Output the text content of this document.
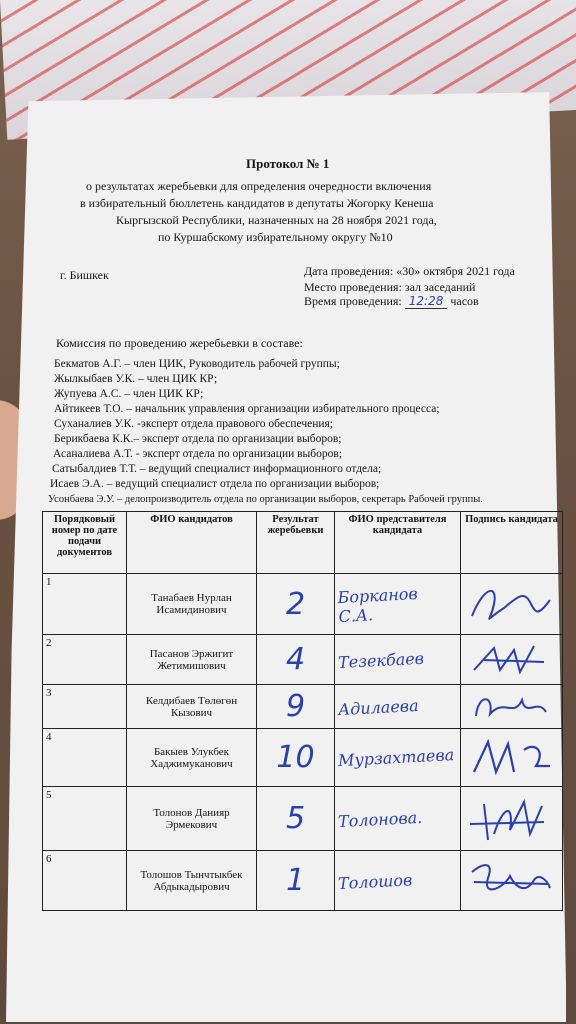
Протокол № 1
о результатах жеребьевки для определения очередности включения
в избирательный бюллетень кандидатов в депутаты Жогорку Кенеша
Кыргызской Республики, назначенных на 28 ноября 2021 года,
по Куршабскому избирательному округу №10
г. Бишкек	Дата проведения: «30» октября 2021 года
Место проведения: зал заседаний
Время проведения: 12:28 часов
Комиссия по проведению жеребьевки в составе:
Бекматов А.Г. – член ЦИК, Руководитель рабочей группы;
Жылкыбаев У.К. – член ЦИК КР;
Жупуева А.С. – член ЦИК КР;
Айтикеев Т.О. – начальник управления организации избирательного процесса;
Суханалиев У.К. -эксперт отдела правового обеспечения;
Берикбаева К.К.– эксперт отдела по организации выборов;
Асаналиева А.Т. - эксперт отдела по организации выборов;
Сатыбалдиев Т.Т. – ведущий специалист информационного отдела;
Исаев Э.А. – ведущий специалист отдела по организации выборов;
Усонбаева Э.У. – делопроизводитель отдела по организации выборов, секретарь Рабочей группы.
Порядковый номер по дате подачи документов	ФИО кандидатов	Результат жеребьевки	ФИО представителя кандидата	Подпись кандидата
1	Танабаев Нурлан Исамидинович	2	Борканов С.А.

2	Пасанов Эржигит Жетимишович	4	Тезекбаев

3	Келдибаев Төлөгөн Кызович	9	Адилаева

4	Бакыев Улукбек Хаджимуканович	10	Мурзахтаева

5	Толонов Данияр Эрмекович	5	Толонова.

6	Толошов Тынчтыкбек Абдыкадырович	1	Толошов
